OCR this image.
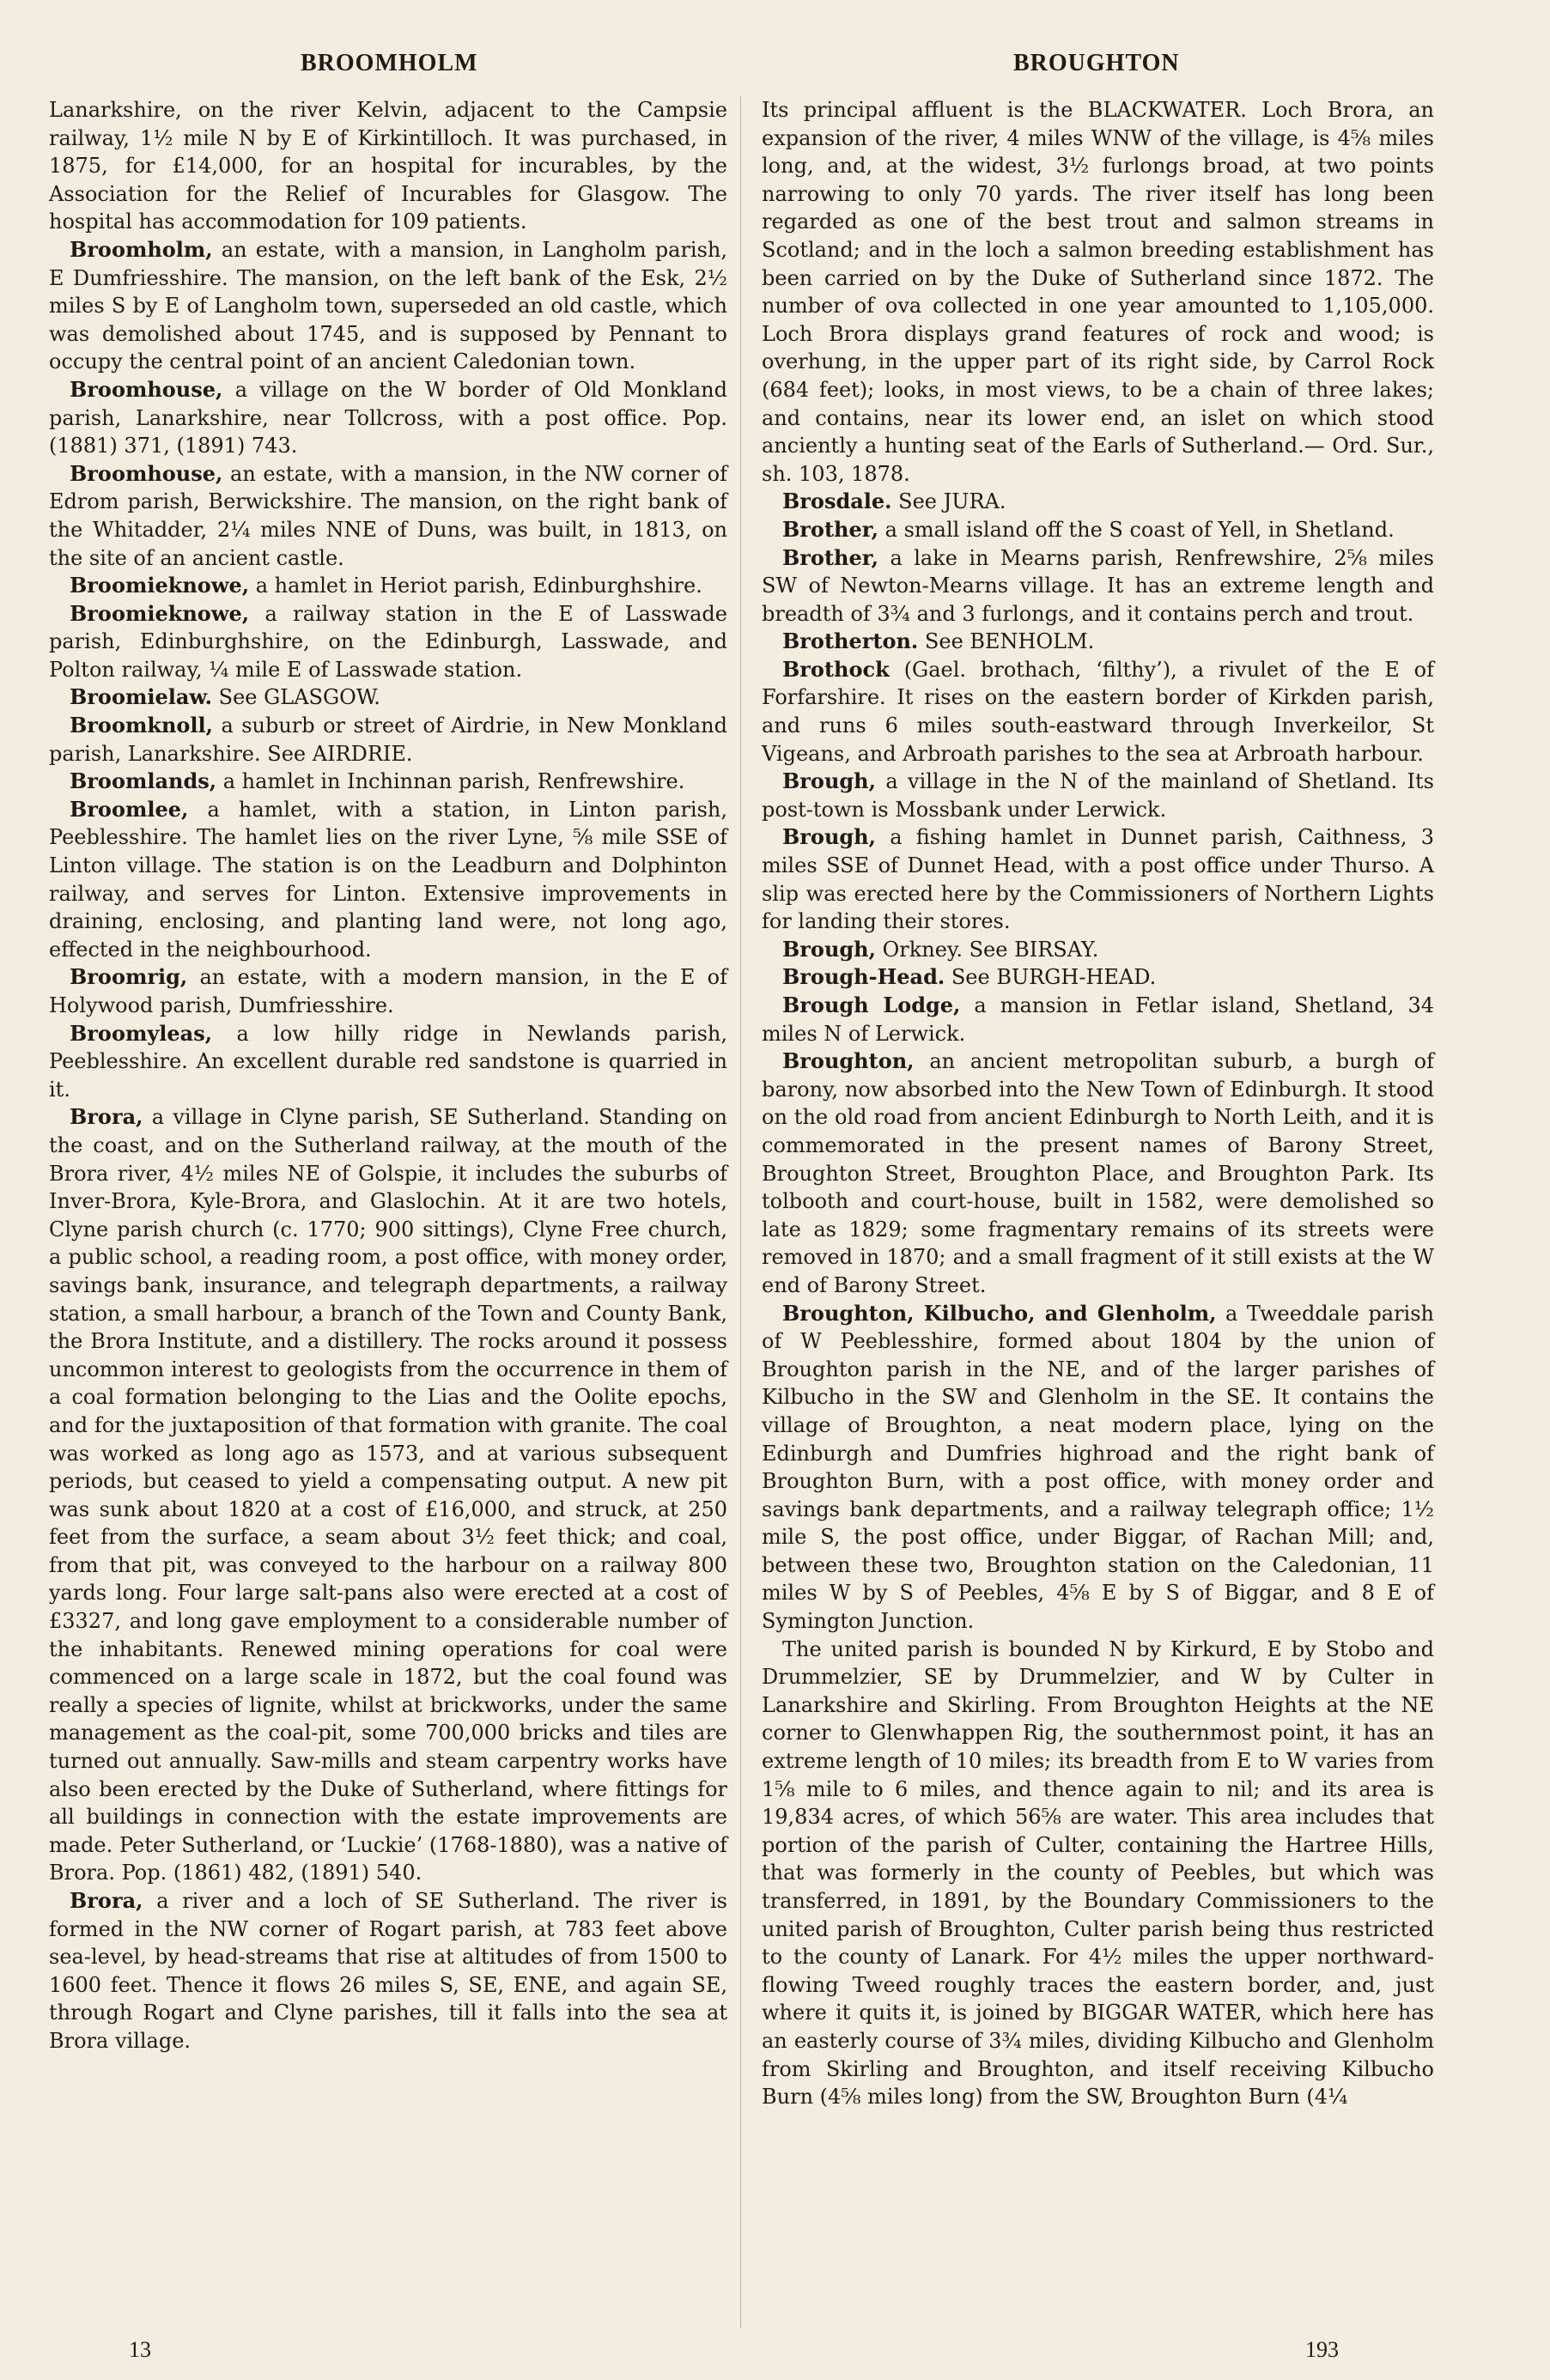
BROOMHOLM	BROUGHTON

Lanarkshire, on the river Kelvin, adjacent to the Campsie railway, 1½ mile N by E of Kirkintilloch. It was purchased, in 1875, for £14,000, for an hospital for incurables, by the Association for the Relief of Incurables for Glasgow. The hospital has accommodation for 109 patients.

Broomholm, an estate, with a mansion, in Langholm parish, E Dumfriesshire. The mansion, on the left bank of the Esk, 2½ miles S by E of Langholm town, superseded an old castle, which was demolished about 1745, and is supposed by Pennant to occupy the central point of an ancient Caledonian town.

Broomhouse, a village on the W border of Old Monkland parish, Lanarkshire, near Tollcross, with a post office. Pop. (1881) 371, (1891) 743.

Broomhouse, an estate, with a mansion, in the NW corner of Edrom parish, Berwickshire. The mansion, on the right bank of the Whitadder, 2¼ miles NNE of Duns, was built, in 1813, on the site of an ancient castle.

Broomieknowe, a hamlet in Heriot parish, Edinburghshire.

Broomieknowe, a railway station in the E of Lasswade parish, Edinburghshire, on the Edinburgh, Lasswade, and Polton railway, ¼ mile E of Lasswade station.

Broomielaw. See GLASGOW.

Broomknoll, a suburb or street of Airdrie, in New Monkland parish, Lanarkshire. See AIRDRIE.

Broomlands, a hamlet in Inchinnan parish, Renfrewshire.

Broomlee, a hamlet, with a station, in Linton parish, Peeblesshire. The hamlet lies on the river Lyne, ⅝ mile SSE of Linton village. The station is on the Leadburn and Dolphinton railway, and serves for Linton. Extensive improvements in draining, enclosing, and planting land were, not long ago, effected in the neighbourhood.

Broomrig, an estate, with a modern mansion, in the E of Holywood parish, Dumfriesshire.

Broomyleas, a low hilly ridge in Newlands parish, Peeblesshire. An excellent durable red sandstone is quarried in it.

Brora, a village in Clyne parish, SE Sutherland. Standing on the coast, and on the Sutherland railway, at the mouth of the Brora river, 4½ miles NE of Golspie, it includes the suburbs of Inver-Brora, Kyle-Brora, and Glaslochin. At it are two hotels, Clyne parish church (c. 1770; 900 sittings), Clyne Free church, a public school, a reading room, a post office, with money order, savings bank, insurance, and telegraph departments, a railway station, a small harbour, a branch of the Town and County Bank, the Brora Institute, and a distillery. The rocks around it possess uncommon interest to geologists from the occurrence in them of a coal formation belonging to the Lias and the Oolite epochs, and for the juxtaposition of that formation with granite. The coal was worked as long ago as 1573, and at various subsequent periods, but ceased to yield a compensating output. A new pit was sunk about 1820 at a cost of £16,000, and struck, at 250 feet from the surface, a seam about 3½ feet thick; and coal, from that pit, was conveyed to the harbour on a railway 800 yards long. Four large salt-pans also were erected at a cost of £3327, and long gave employment to a considerable number of the inhabitants. Renewed mining operations for coal were commenced on a large scale in 1872, but the coal found was really a species of lignite, whilst at brickworks, under the same management as the coal-pit, some 700,000 bricks and tiles are turned out annually. Saw-mills and steam carpentry works have also been erected by the Duke of Sutherland, where fittings for all buildings in connection with the estate improvements are made. Peter Sutherland, or ‘Luckie’ (1768-1880), was a native of Brora. Pop. (1861) 482, (1891) 540.

Brora, a river and a loch of SE Sutherland. The river is formed in the NW corner of Rogart parish, at 783 feet above sea-level, by head-streams that rise at altitudes of from 1500 to 1600 feet. Thence it flows 26 miles S, SE, ENE, and again SE, through Rogart and Clyne parishes, till it falls into the sea at Brora village.

Its principal affluent is the BLACKWATER. Loch Brora, an expansion of the river, 4 miles WNW of the village, is 4⅝ miles long, and, at the widest, 3½ furlongs broad, at two points narrowing to only 70 yards. The river itself has long been regarded as one of the best trout and salmon streams in Scotland; and in the loch a salmon breeding establishment has been carried on by the Duke of Sutherland since 1872. The number of ova collected in one year amounted to 1,105,000. Loch Brora displays grand features of rock and wood; is overhung, in the upper part of its right side, by Carrol Rock (684 feet); looks, in most views, to be a chain of three lakes; and contains, near its lower end, an islet on which stood anciently a hunting seat of the Earls of Sutherland.— Ord. Sur., sh. 103, 1878.

Brosdale. See JURA.

Brother, a small island off the S coast of Yell, in Shetland.

Brother, a lake in Mearns parish, Renfrewshire, 2⅝ miles SW of Newton-Mearns village. It has an extreme length and breadth of 3¾ and 3 furlongs, and it contains perch and trout.

Brotherton. See BENHOLM.

Brothock (Gael. brothach, ‘filthy’), a rivulet of the E of Forfarshire. It rises on the eastern border of Kirkden parish, and runs 6 miles south-eastward through Inverkeilor, St Vigeans, and Arbroath parishes to the sea at Arbroath harbour.

Brough, a village in the N of the mainland of Shetland. Its post-town is Mossbank under Lerwick.

Brough, a fishing hamlet in Dunnet parish, Caithness, 3 miles SSE of Dunnet Head, with a post office under Thurso. A slip was erected here by the Commissioners of Northern Lights for landing their stores.

Brough, Orkney. See BIRSAY.

Brough-Head. See BURGH-HEAD.

Brough Lodge, a mansion in Fetlar island, Shetland, 34 miles N of Lerwick.

Broughton, an ancient metropolitan suburb, a burgh of barony, now absorbed into the New Town of Edinburgh. It stood on the old road from ancient Edinburgh to North Leith, and it is commemorated in the present names of Barony Street, Broughton Street, Broughton Place, and Broughton Park. Its tolbooth and court-house, built in 1582, were demolished so late as 1829; some fragmentary remains of its streets were removed in 1870; and a small fragment of it still exists at the W end of Barony Street.

Broughton, Kilbucho, and Glenholm, a Tweeddale parish of W Peeblesshire, formed about 1804 by the union of Broughton parish in the NE, and of the larger parishes of Kilbucho in the SW and Glenholm in the SE. It contains the village of Broughton, a neat modern place, lying on the Edinburgh and Dumfries highroad and the right bank of Broughton Burn, with a post office, with money order and savings bank departments, and a railway telegraph office; 1½ mile S, the post office, under Biggar, of Rachan Mill; and, between these two, Broughton station on the Caledonian, 11 miles W by S of Peebles, 4⅝ E by S of Biggar, and 8 E of Symington Junction.

The united parish is bounded N by Kirkurd, E by Stobo and Drummelzier, SE by Drummelzier, and W by Culter in Lanarkshire and Skirling. From Broughton Heights at the NE corner to Glenwhappen Rig, the southernmost point, it has an extreme length of 10 miles; its breadth from E to W varies from 1⅝ mile to 6 miles, and thence again to nil; and its area is 19,834 acres, of which 56⅝ are water. This area includes that portion of the parish of Culter, containing the Hartree Hills, that was formerly in the county of Peebles, but which was transferred, in 1891, by the Boundary Commissioners to the united parish of Broughton, Culter parish being thus restricted to the county of Lanark. For 4½ miles the upper northward-flowing Tweed roughly traces the eastern border, and, just where it quits it, is joined by BIGGAR WATER, which here has an easterly course of 3¾ miles, dividing Kilbucho and Glenholm from Skirling and Broughton, and itself receiving Kilbucho Burn (4⅝ miles long) from the SW, Broughton Burn (4¼

13	193
